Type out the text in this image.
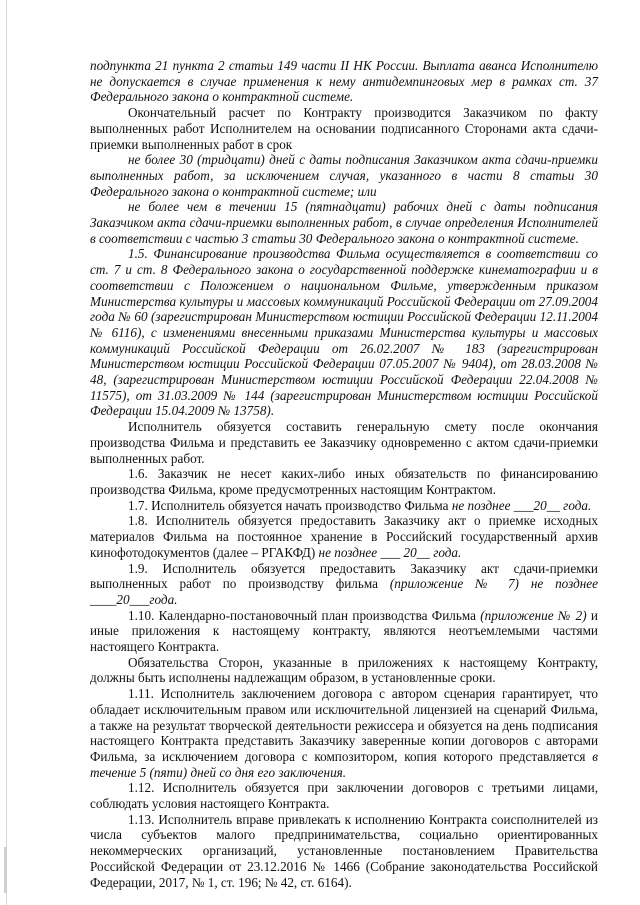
подпункта 21 пункта 2 статьи 149 части II НК России. Выплата аванса Исполнителю не допускается в случае применения к нему антидемпинговых мер в рамках ст. 37 Федерального закона о контрактной системе.

Окончательный расчет по Контракту производится Заказчиком по факту выполненных работ Исполнителем на основании подписанного Сторонами акта сдачи-приемки выполненных работ в срок

не более 30 (тридцати) дней с даты подписания Заказчиком акта сдачи-приемки выполненных работ, за исключением случая, указанного в части 8 статьи 30 Федерального закона о контрактной системе; или

не более чем в течении 15 (пятнадцати) рабочих дней с даты подписания Заказчиком акта сдачи-приемки выполненных работ, в случае определения Исполнителей в соответствии с частью 3 статьи 30 Федерального закона о контрактной системе.

1.5. Финансирование производства Фильма осуществляется в соответствии со ст. 7 и ст. 8 Федерального закона о государственной поддержке кинематографии и в соответствии с Положением о национальном Фильме, утвержденным приказом Министерства культуры и массовых коммуникаций Российской Федерации от 27.09.2004 года № 60 (зарегистрирован Министерством юстиции Российской Федерации 12.11.2004 № 6116), с изменениями внесенными приказами Министерства культуры и массовых коммуникаций Российской Федерации от 26.02.2007 № 183 (зарегистрирован Министерством юстиции Российской Федерации 07.05.2007 № 9404), от 28.03.2008 № 48, (зарегистрирован Министерством юстиции Российской Федерации 22.04.2008 № 11575), от 31.03.2009 № 144 (зарегистрирован Министерством юстиции Российской Федерации 15.04.2009 № 13758).

Исполнитель обязуется составить генеральную смету после окончания производства Фильма и представить ее Заказчику одновременно с актом сдачи-приемки выполненных работ.

1.6. Заказчик не несет каких-либо иных обязательств по финансированию производства Фильма, кроме предусмотренных настоящим Контрактом.

1.7. Исполнитель обязуется начать производство Фильма не позднее ___20__ года.

1.8. Исполнитель обязуется предоставить Заказчику акт о приемке исходных материалов Фильма на постоянное хранение в Российский государственный архив кинофотодокументов (далее – РГАКФД) не позднее ___ 20__ года.

1.9. Исполнитель обязуется предоставить Заказчику акт сдачи-приемки выполненных работ по производству фильма (приложение № 7) не позднее ____20___года.

1.10. Календарно-постановочный план производства Фильма (приложение № 2) и иные приложения к настоящему контракту, являются неотъемлемыми частями настоящего Контракта.

Обязательства Сторон, указанные в приложениях к настоящему Контракту, должны быть исполнены надлежащим образом, в установленные сроки.

1.11. Исполнитель заключением договора с автором сценария гарантирует, что обладает исключительным правом или исключительной лицензией на сценарий Фильма, а также на результат творческой деятельности режиссера и обязуется на день подписания настоящего Контракта представить Заказчику заверенные копии договоров с авторами Фильма, за исключением договора с композитором, копия которого представляется в течение 5 (пяти) дней со дня его заключения.

1.12. Исполнитель обязуется при заключении договоров с третьими лицами, соблюдать условия настоящего Контракта.

1.13. Исполнитель вправе привлекать к исполнению Контракта соисполнителей из числа субъектов малого предпринимательства, социально ориентированных некоммерческих организаций, установленные постановлением Правительства Российской Федерации от 23.12.2016 № 1466 (Собрание законодательства Российской Федерации, 2017, № 1, ст. 196; № 42, ст. 6164).
